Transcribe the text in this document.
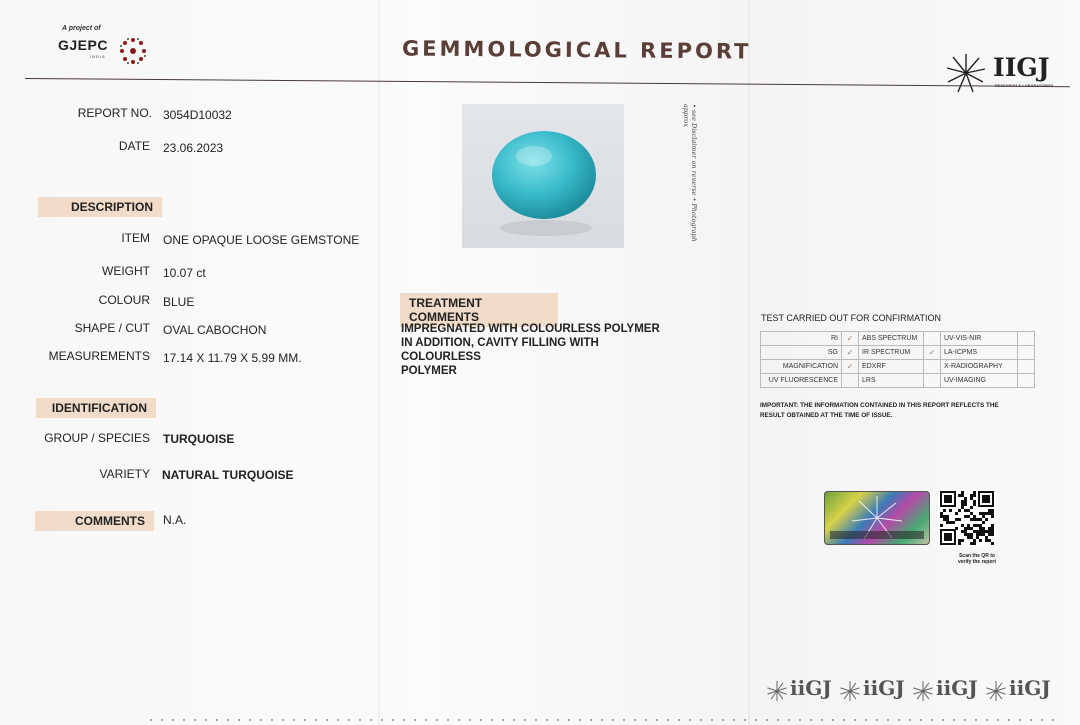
A project of
GJEPC
INDIA	GEMMOLOGICAL REPORT
IIGJ
REPORT NO. 3054D10032
DATE 23.06.2023
DESCRIPTION
ITEM ONE OPAQUE LOOSE GEMSTONE
WEIGHT 10.07 ct
COLOUR BLUE
SHAPE / CUT OVAL CABOCHON
MEASUREMENTS 17.14 X 11.79 X 5.99 MM.
IDENTIFICATION
GROUP / SPECIES TURQUOISE
VARIETY NATURAL TURQUOISE
COMMENTS	N.A.
• see Disclaimer on reverse • Photograph approx
TREATMENT COMMENTS
IMPREGNATED WITH COLOURLESS POLYMER
IN ADDITION, CAVITY FILLING WITH COLOURLESS
POLYMER
TEST CARRIED OUT FOR CONFIRMATION
RI	✓	ABS SPECTRUM		UV-VIS-NIR	
SG	✓	IR SPECTRUM	✓	LA-ICPMS	
MAGNIFICATION	✓	EDXRF		X-RADIOGRAPHY	
UV FLUORESCENCE		LRS		UV-IMAGING	
IMPORTANT: THE INFORMATION CONTAINED IN THIS REPORT REFLECTS THE RESULT OBTAINED AT THE TIME OF ISSUE.
Scan the QR to verify the report
iiGJ iiGJ iiGJ iiGJ
